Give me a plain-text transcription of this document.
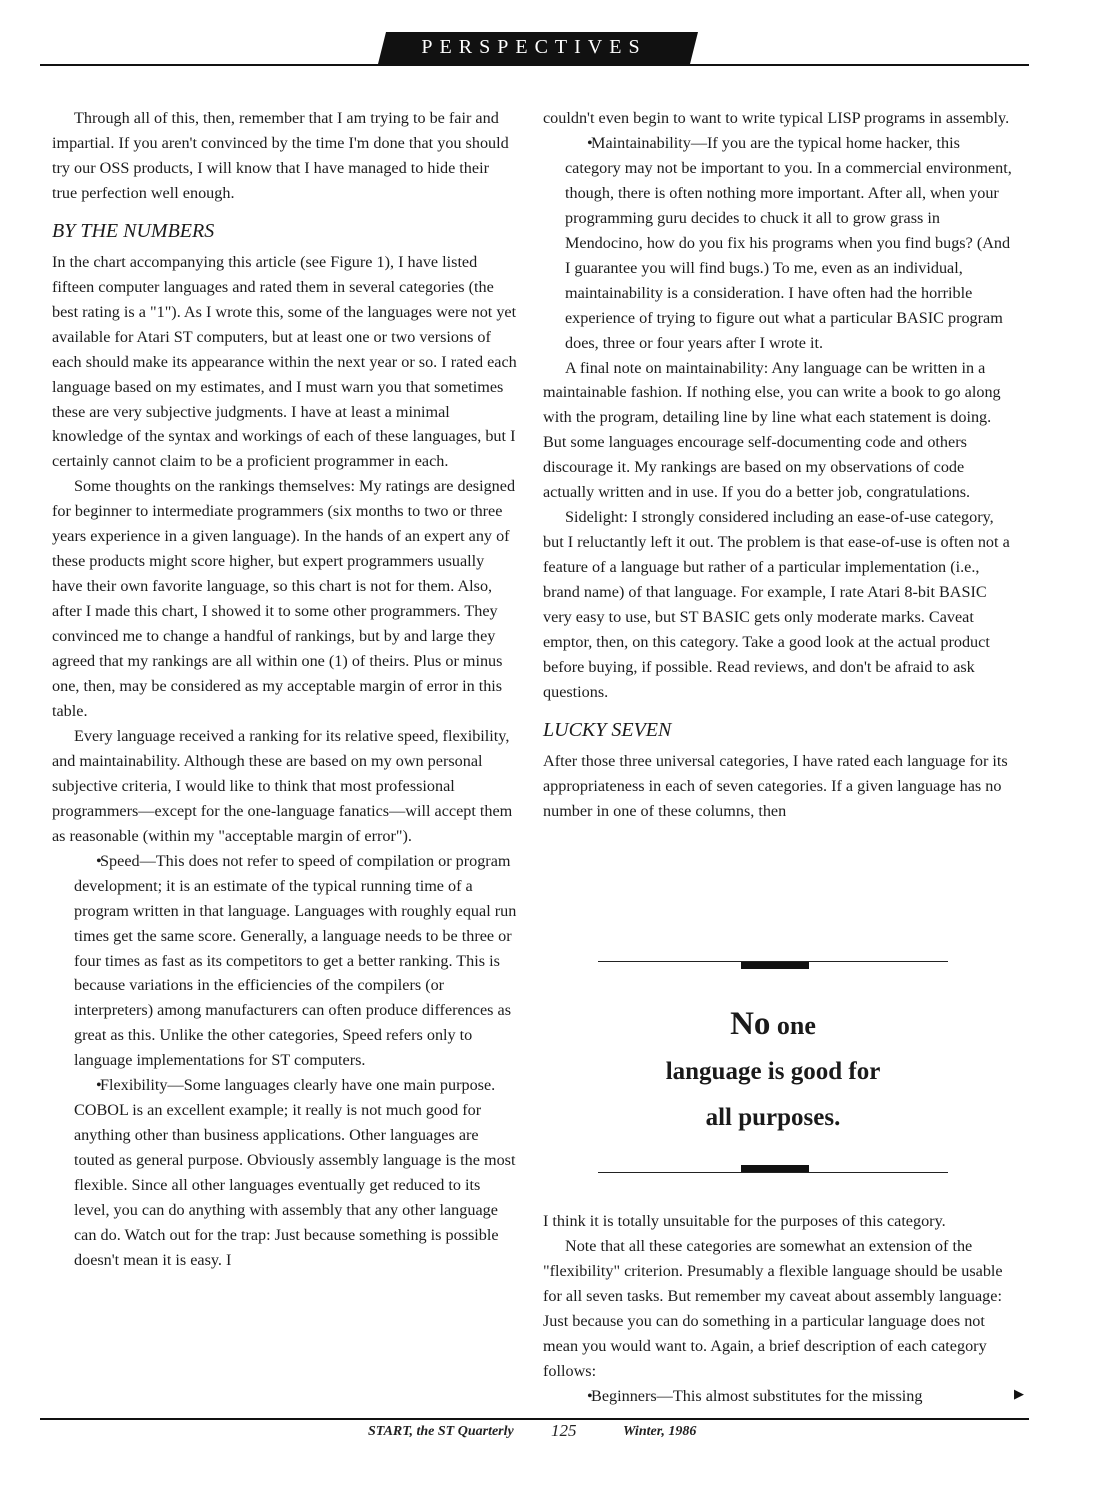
PERSPECTIVES

Through all of this, then, remember that I am trying to be fair and impartial. If you aren't convinced by the time I'm done that you should try our OSS products, I will know that I have managed to hide their true perfection well enough.

BY THE NUMBERS

In the chart accompanying this article (see Figure 1), I have listed fifteen computer languages and rated them in several categories (the best rating is a "1"). As I wrote this, some of the languages were not yet available for Atari ST computers, but at least one or two versions of each should make its appearance within the next year or so. I rated each language based on my estimates, and I must warn you that sometimes these are very subjective judgments. I have at least a minimal knowledge of the syntax and workings of each of these languages, but I certainly cannot claim to be a proficient programmer in each.

Some thoughts on the rankings themselves: My ratings are designed for beginner to intermediate programmers (six months to two or three years experience in a given language). In the hands of an expert any of these products might score higher, but expert programmers usually have their own favorite language, so this chart is not for them. Also, after I made this chart, I showed it to some other programmers. They convinced me to change a handful of rankings, but by and large they agreed that my rankings are all within one (1) of theirs. Plus or minus one, then, may be considered as my acceptable margin of error in this table.

Every language received a ranking for its relative speed, flexibility, and maintainability. Although these are based on my own personal subjective criteria, I would like to think that most professional programmers—except for the one-language fanatics—will accept them as reasonable (within my "acceptable margin of error").

• Speed—This does not refer to speed of compilation or program development; it is an estimate of the typical running time of a program written in that language. Languages with roughly equal run times get the same score. Generally, a language needs to be three or four times as fast as its competitors to get a better ranking. This is because variations in the efficiencies of the compilers (or interpreters) among manufacturers can often produce differences as great as this. Unlike the other categories, Speed refers only to language implementations for ST computers.

• Flexibility—Some languages clearly have one main purpose. COBOL is an excellent example; it really is not much good for anything other than business applications. Other languages are touted as general purpose. Obviously assembly language is the most flexible. Since all other languages eventually get reduced to its level, you can do anything with assembly that any other language can do. Watch out for the trap: Just because something is possible doesn't mean it is easy. I

couldn't even begin to want to write typical LISP programs in assembly.

• Maintainability—If you are the typical home hacker, this category may not be important to you. In a commercial environment, though, there is often nothing more important. After all, when your programming guru decides to chuck it all to grow grass in Mendocino, how do you fix his programs when you find bugs? (And I guarantee you will find bugs.) To me, even as an individual, maintainability is a consideration. I have often had the horrible experience of trying to figure out what a particular BASIC program does, three or four years after I wrote it.

A final note on maintainability: Any language can be written in a maintainable fashion. If nothing else, you can write a book to go along with the program, detailing line by line what each statement is doing. But some languages encourage self-documenting code and others discourage it. My rankings are based on my observations of code actually written and in use. If you do a better job, congratulations.

Sidelight: I strongly considered including an ease-of-use category, but I reluctantly left it out. The problem is that ease-of-use is often not a feature of a language but rather of a particular implementation (i.e., brand name) of that language. For example, I rate Atari 8-bit BASIC very easy to use, but ST BASIC gets only moderate marks. Caveat emptor, then, on this category. Take a good look at the actual product before buying, if possible. Read reviews, and don't be afraid to ask questions.

LUCKY SEVEN

After those three universal categories, I have rated each language for its appropriateness in each of seven categories. If a given language has no number in one of these columns, then

No one
language is good for
all purposes.

I think it is totally unsuitable for the purposes of this category.

Note that all these categories are somewhat an extension of the "flexibility" criterion. Presumably a flexible language should be usable for all seven tasks. But remember my caveat about assembly language: Just because you can do something in a particular language does not mean you would want to. Again, a brief description of each category follows:

• Beginners—This almost substitutes for the missing	▶
START, the ST Quarterly 125	Winter, 1986
